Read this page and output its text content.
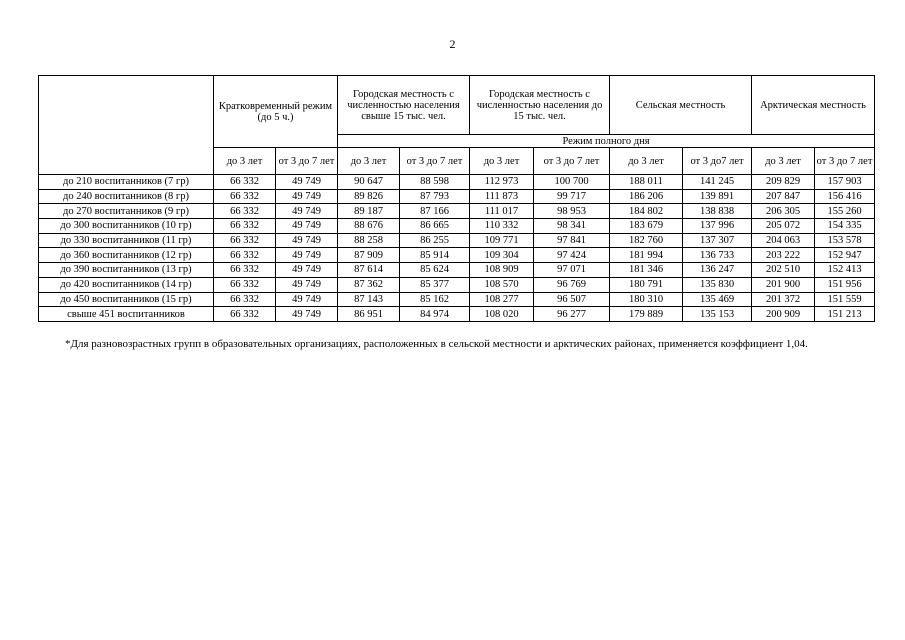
2
	Кратковременный режим (до 5 ч.)		Городская местность с численностью населения свыше 15 тыс. чел.		Городская местность с численностью населения до 15 тыс. чел.		Сельская местность		Арктическая местность	
			Режим полного дня							
	до 3 лет	от 3 до 7 лет	до 3 лет	от 3 до 7 лет	до 3 лет	от 3 до 7 лет	до 3 лет	от 3 до7 лет	до 3 лет	от 3 до 7 лет
до 210 воспитанников (7 гр)	66 332	49 749	90 647	88 598	112 973	100 700	188 011	141 245	209 829	157 903
до 240 воспитанников (8 гр)	66 332	49 749	89 826	87 793	111 873	99 717	186 206	139 891	207 847	156 416
до 270 воспитанников (9 гр)	66 332	49 749	89 187	87 166	111 017	98 953	184 802	138 838	206 305	155 260
до 300 воспитанников (10 гр)	66 332	49 749	88 676	86 665	110 332	98 341	183 679	137 996	205 072	154 335
до 330 воспитанников (11 гр)	66 332	49 749	88 258	86 255	109 771	97 841	182 760	137 307	204 063	153 578
до 360 воспитанников (12 гр)	66 332	49 749	87 909	85 914	109 304	97 424	181 994	136 733	203 222	152 947
до 390 воспитанников (13 гр)	66 332	49 749	87 614	85 624	108 909	97 071	181 346	136 247	202 510	152 413
до 420 воспитанников (14 гр)	66 332	49 749	87 362	85 377	108 570	96 769	180 791	135 830	201 900	151 956
до 450 воспитанников (15 гр)	66 332	49 749	87 143	85 162	108 277	96 507	180 310	135 469	201 372	151 559
свыше 451 воспитанников	66 332	49 749	86 951	84 974	108 020	96 277	179 889	135 153	200 909	151 213
*Для разновозрастных групп в образовательных организациях, расположенных в сельской местности и арктических районах, применяется коэффициент 1,04.
